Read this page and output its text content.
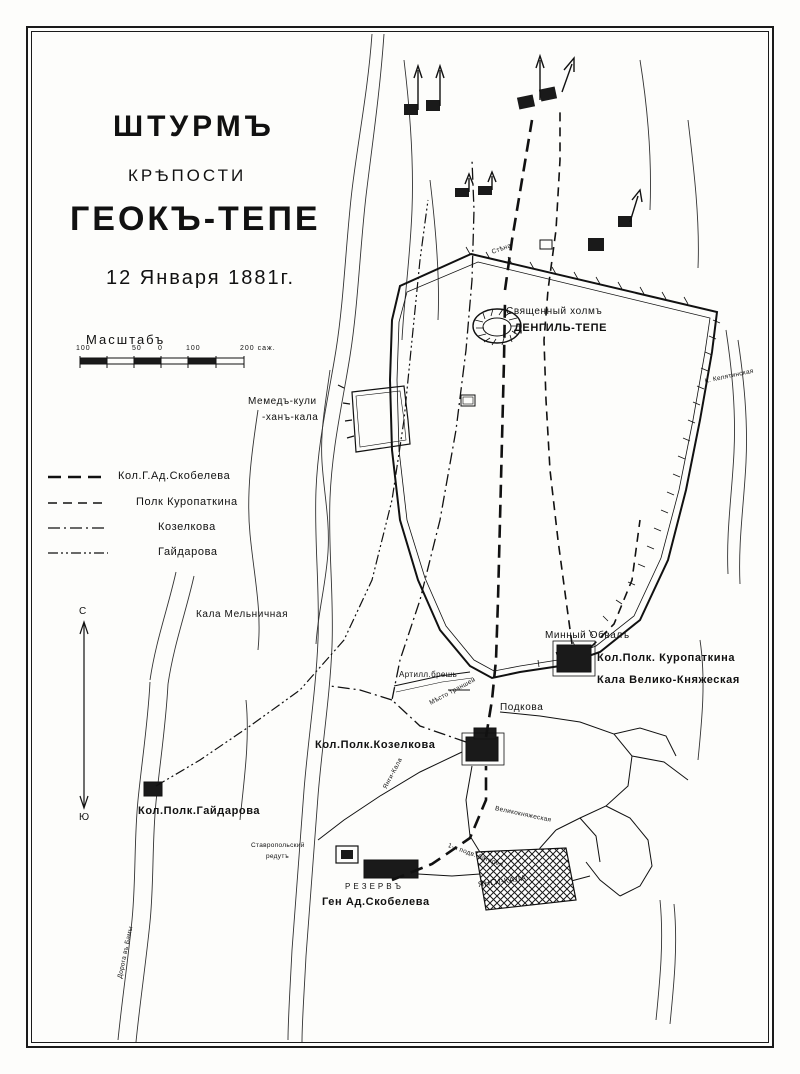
ШТУРМЪ
КРѢПОСТИ
ГЕОКЪ-ТЕПЕ
12 Января 1881г.
Масштабъ
100	50 0	100	200 саж.
Кол.Г.Ад.Скобелева
Полк Куропаткина
Козелкова
Гайдарова
С
Ю
Священный холмъ
ДЕНГИЛЬ-ТЕПЕ
Мемедъ-кули
-ханъ-кала
Кала Мельничная
Минный Обвалъ
Кол.Полк. Куропаткина
Кала Велико-Княжеская
Артилл.брешь
Подкова
Кол.Полк.Козелкова
Кол.Полк.Гайдарова
Ставропольский
редутъ
Р Е З Е Р В Ъ
Ген Ад.Скобелева
Мѣсто траншей
Янги-Кала
Великокняжеская
1-я подв. батарея
ЯНГИ-КАЛА
Дорога въ Бамы
К. Келятинская
Стѣна
